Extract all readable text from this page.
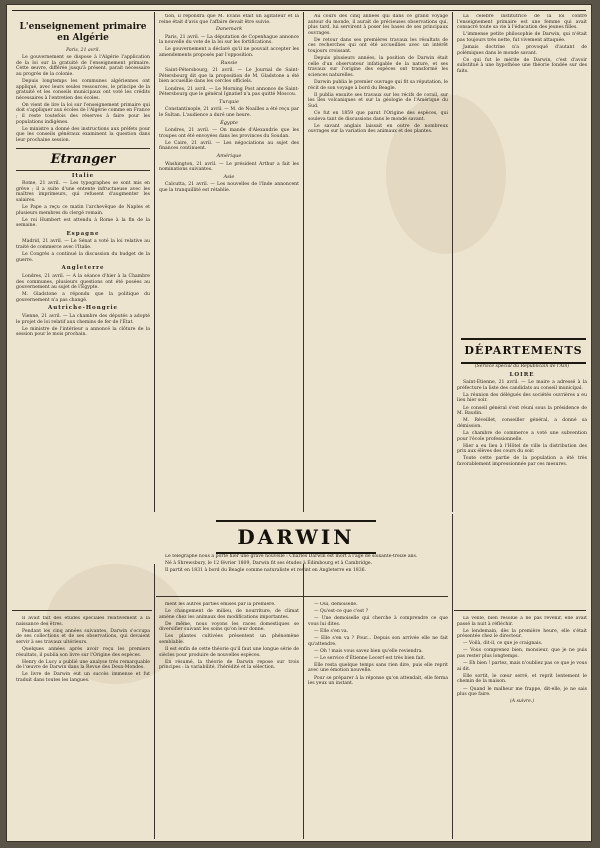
L'enseignement primaire en Algérie

Paris, 21 avril.

Le gouvernement se dispose à l'Algérie l'application de la loi sur la gratuité de l'enseignement primaire. Cette œuvre, différée jusqu'à présent, parait nécessaire au progrès de la colonie.

Depuis longtemps les communes algériennes ont appliqué, avec leurs seules ressources, le principe de la gratuité et les conseils municipaux ont voté les crédits nécessaires à l'entretien des écoles.

On vient de lire la loi sur l'enseignement primaire qui doit s'appliquer aux écoles de l'Algérie comme en France ; il reste toutefois des réserves à faire pour les populations indigènes.

Le ministre a donné des instructions aux préfets pour que les conseils généraux examinent la question dans leur prochaine session.

Etranger
Italie

Rome, 21 avril. — Les typographes se sont mis en grève ; il a suite d'une entente infructueuse avec les maîtres imprimeurs, qui refusent d'augmenter les salaires.

Le Pape a reçu ce matin l'archevêque de Naples et plusieurs membres du clergé romain.

Le roi Humbert est attendu à Rome à la fin de la semaine.

Espagne

Madrid, 21 avril. — Le Sénat a voté la loi relative au traité de commerce avec l'Italie.

Le Congrès a continué la discussion du budget de la guerre.

Angleterre

Londres, 21 avril. — A la séance d'hier à la Chambre des communes, plusieurs questions ont été posées au gouvernement au sujet de l'Égypte.

M. Gladstone a répondu que la politique du gouvernement n'a pas changé.

Autriche-Hongrie

Vienne, 21 avril. — La chambre des députés a adopté le projet de loi relatif aux chemins de fer de l'État.

Le ministre de l'intérieur a annoncé la clôture de la session pour le mois prochain.

tion, il répondra que M. Evans était un agitateur et la reine était d'avis que l'affaire devait être suivie.

Danemark

Paris, 21 avril. — La députation de Copenhague annonce la nouvelle du vote de la loi sur les fortifications.

Le gouvernement a déclaré qu'il ne pouvait accepter les amendements proposés par l'opposition.

Russie

Saint-Pétersbourg, 21 avril. — Le Journal de Saint-Pétersbourg dit que la proposition de M. Gladstone a été bien accueillie dans les cercles officiels.

Londres, 21 avril. — Le Morning Post annonce de Saint-Pétersbourg que le général Ignatief n'a pas quitté Moscou.

Turquie

Constantinople, 21 avril. — M. de Noailles a été reçu par le Sultan. L'audience a duré une heure.

Égypte

Londres, 21 avril. — On mande d'Alexandrie que les troupes ont été envoyées dans les provinces du Soudan.

Le Caire, 21 avril. — Les négociations au sujet des finances continuent.

Amérique

Washington, 21 avril. — Le président Arthur a fait les nominations suivantes.

Asie

Calcutta, 21 avril. — Les nouvelles de l'Inde annoncent que la tranquillité est rétablie.

Au cours des cinq années qui dans ce grand voyage autour du monde, il aurait de précieuses observations qui, plus tard, lui servirent à poser les bases de ses principaux ouvrages.

De retour dans ses premières travaux les résultats de ces recherches qui ont été accueillies avec un intérêt toujours croissant.

Depuis plusieurs années, la position de Darwin était celle d'un observateur infatigable de la nature, et ses travaux sur l'origine des espèces ont transformé les sciences naturelles.

Darwin publia le premier ouvrage qui fit sa réputation, le récit de son voyage à bord du Beagle.

Il publia ensuite ses travaux sur les récifs de corail, sur les îles volcaniques et sur la géologie de l'Amérique du Sud.

Ce fut en 1859 que parut l'Origine des espèces, qui souleva tant de discussions dans le monde savant.

Le savant anglais laissait en outre de nombreux ouvrages sur la variation des animaux et des plantes.

DARWIN

Le télégraphe nous a porté hier une grave nouvelle : Charles Darwin est mort à l'âge de soixante-treize ans.

Né à Shrewsbury, le 12 février 1809, Darwin fit ses études à Édimbourg et à Cambridge.

Il partit en 1831 à bord du Beagle comme naturaliste et revint en Angleterre en 1836.

La célèbre institutrice de la loi contre l'enseignement primaire est une femme qui avait consacré toute sa vie à l'éducation des jeunes filles.

L'immense petite philosophie de Darwin, qui n'était pas toujours très nette, fut vivement attaquée.

Jamais doctrine n'a provoqué d'autant de polémiques dans le monde savant.

Ce qui fut le mérite de Darwin, c'est d'avoir substitué à une hypothèse une théorie fondée sur des faits.

DÉPARTEMENTS

(Service spécial du Républicain de l'Ain)

LOIRE

Saint-Étienne, 21 avril. — Le maire a adressé à la préfecture la liste des candidats au conseil municipal.

La réunion des délégués des sociétés ouvrières a eu lieu hier soir.

Le conseil général s'est réuni sous la présidence de M. Baudin.

M. Réveillet, conseiller général, a donné sa démission.

La chambre de commerce a voté une subvention pour l'école professionnelle.

Hier a eu lieu à l'Hôtel de ville la distribution des prix aux élèves des cours du soir.

Toute cette partie de la population a été très favorablement impressionnée par ces mesures.

Il avait fait des études spéciales relativement à la naissance des êtres.

Pendant les cinq années suivantes, Darwin s'occupa de ses collections et de ses observations, qui devaient servir à ses travaux ultérieurs.

Quelques années après avoir reçu les premiers résultats, il publia son livre sur l'Origine des espèces.

Henry de Lucy a publié une analyse très remarquable de l'œuvre de Darwin dans la Revue des Deux-Mondes.

Le livre de Darwin eut un succès immense et fut traduit dans toutes les langues.

ment les autres parties émises par la première.

Le changement de milieu, de nourriture, de climat amène chez les animaux des modifications importantes.

De même, nous voyons les races domestiques se diversifier suivant les soins qu'on leur donne.

Les plantes cultivées présentent un phénomène semblable.

Il est enfin de cette théorie qu'il faut une longue série de siècles pour produire de nouvelles espèces.

En résumé, la théorie de Darwin repose sur trois principes : la variabilité, l'hérédité et la sélection.

— Oui, demoiselle.

— Qu'est-ce que c'est ?

— Une demoiselle qui cherche à comprendre ce que vous lui dites.

— Elle s'en va.

— Elle s'en va ? Pour... Depuis son arrivée elle ne fait qu'attendre.

— Oh ! mais vous savez bien qu'elle reviendra.

— Le service d'Étienne Lecerf est très bien fait.

Elle resta quelque temps sans rien dire, puis elle reprit avec une émotion nouvelle.

Pour se préparer à la réponse qu'on attendait, elle ferma les yeux un instant.

La veille, bien résolue à ne pas revenir, elle avait passé la nuit à réfléchir.

Le lendemain, dès la première heure, elle s'était présentée chez le directeur.

— Voilà, dit-il, ce que je craignais.

— Vous comprenez bien, monsieur, que je ne puis pas rester plus longtemps.

— Eh bien ! partez, mais n'oubliez pas ce que je vous ai dit.

Elle sortit, le cœur serré, et reprit lentement le chemin de la maison.

— Quand le malheur me frappe, dit-elle, je ne sais plus que faire.

(A suivre.)
